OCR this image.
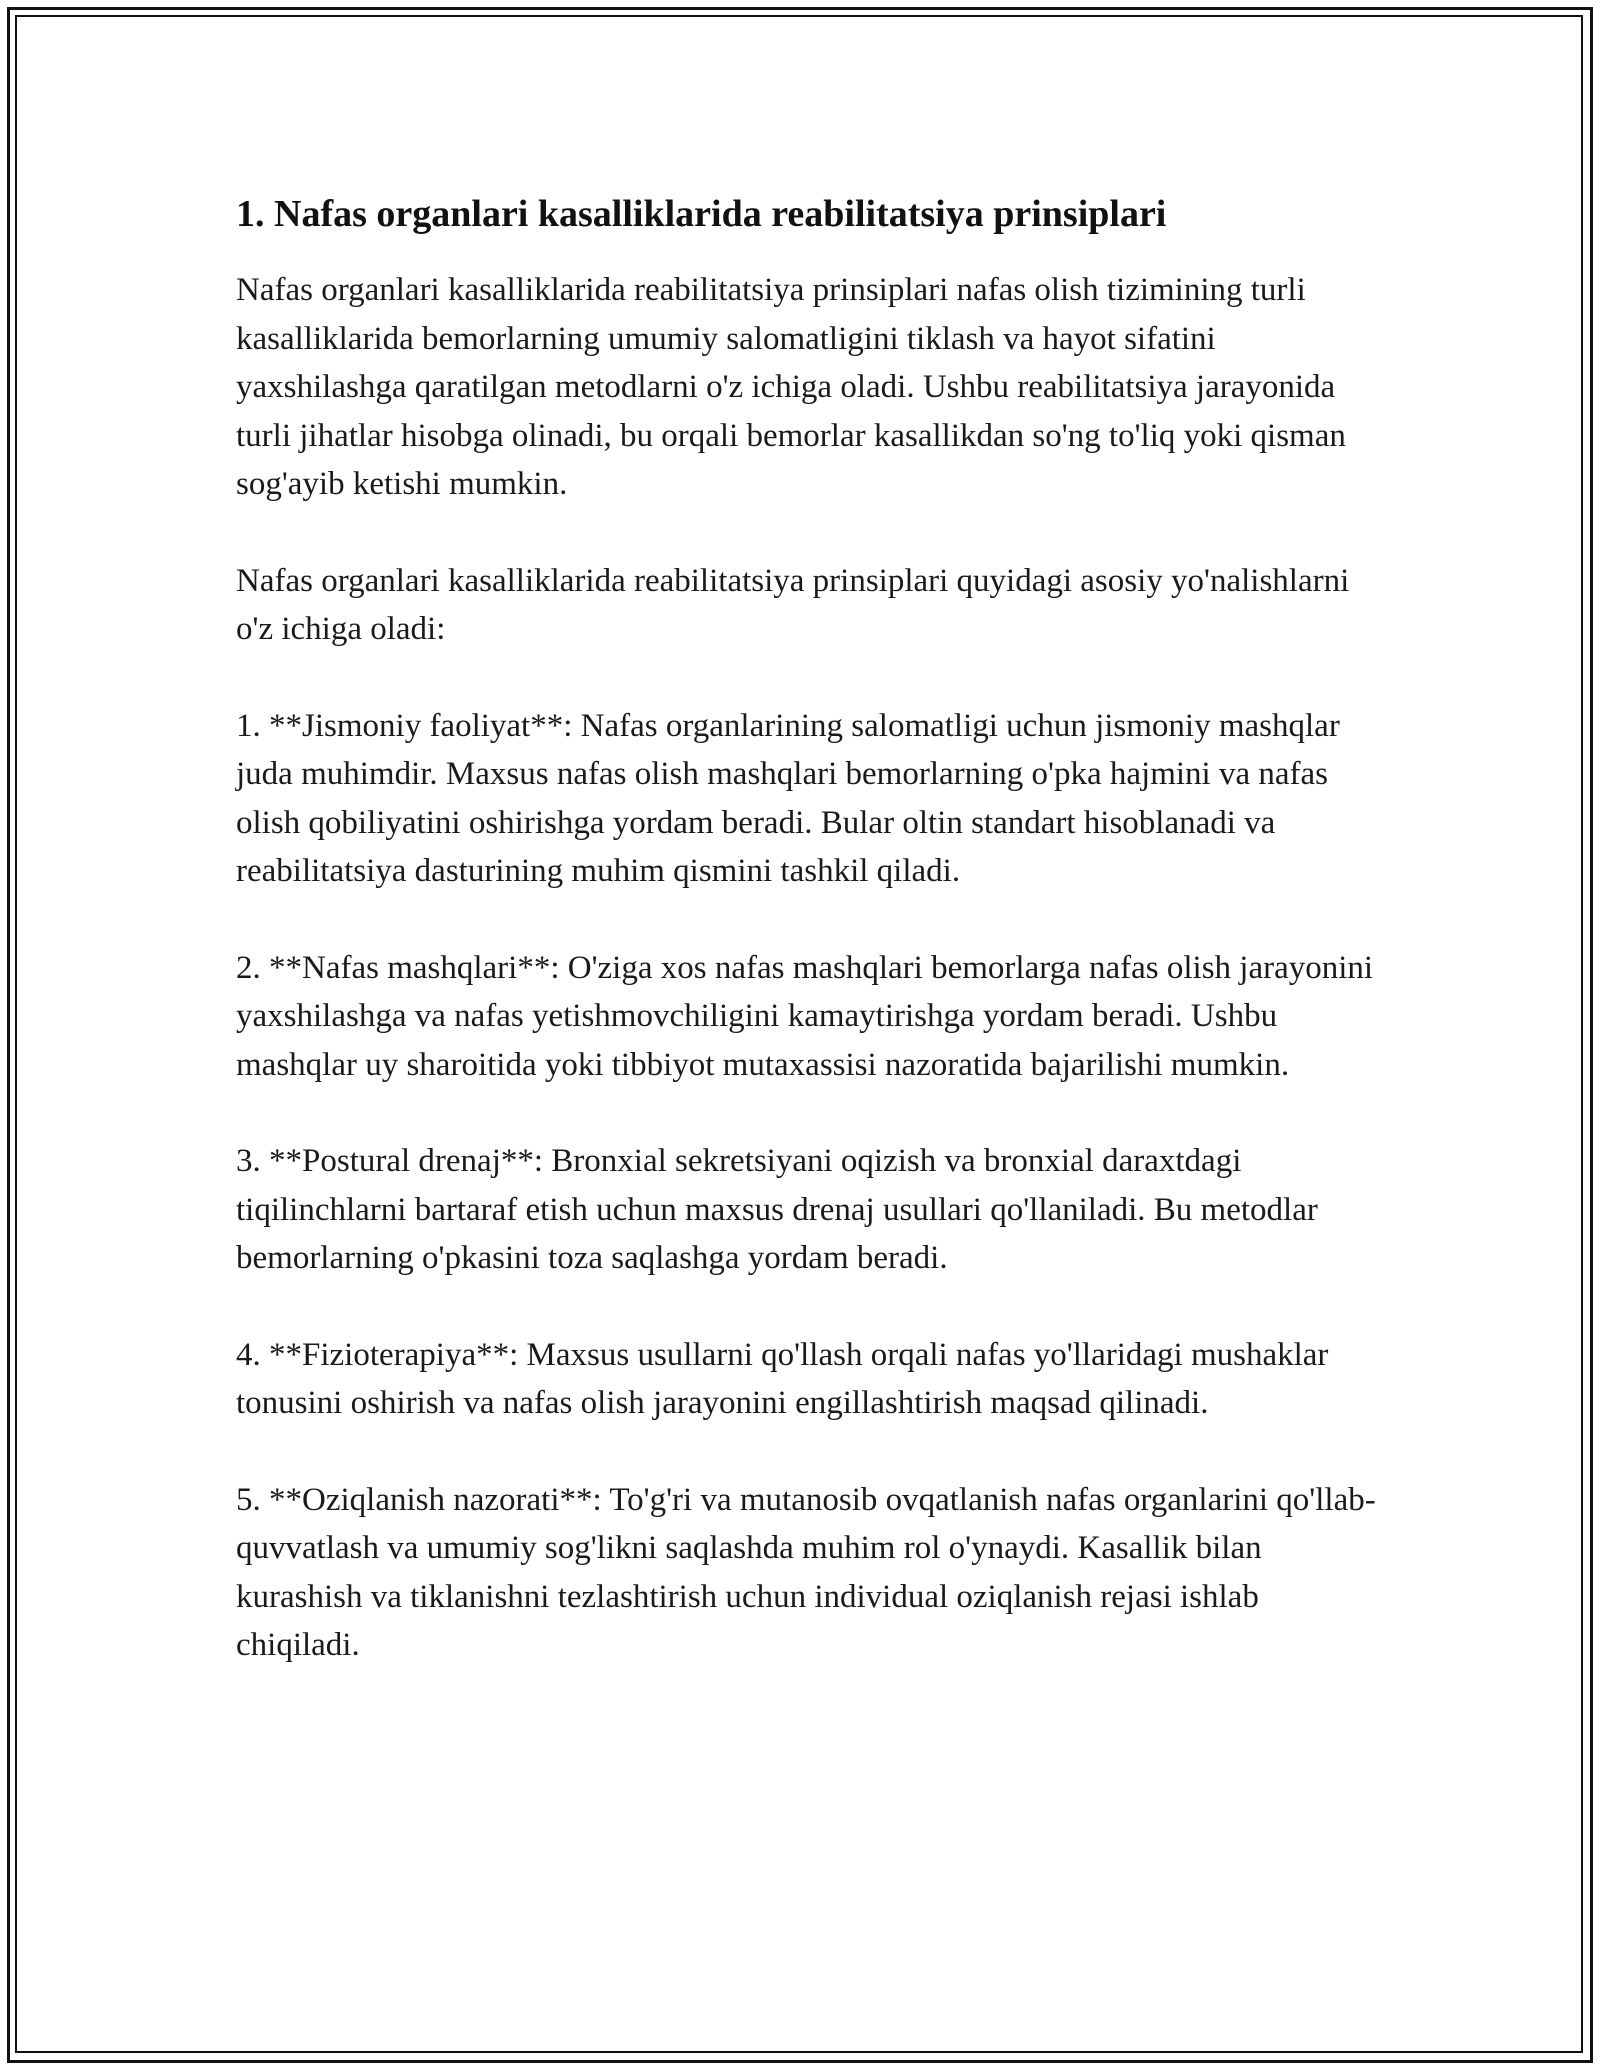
1. Nafas organlari kasalliklarida reabilitatsiya prinsiplari

Nafas organlari kasalliklarida reabilitatsiya prinsiplari nafas olish tizimining turli kasalliklarida bemorlarning umumiy salomatligini tiklash va hayot sifatini yaxshilashga qaratilgan metodlarni o'z ichiga oladi. Ushbu reabilitatsiya jarayonida turli jihatlar hisobga olinadi, bu orqali bemorlar kasallikdan so'ng to'liq yoki qisman sog'ayib ketishi mumkin.

Nafas organlari kasalliklarida reabilitatsiya prinsiplari quyidagi asosiy yo'nalishlarni o'z ichiga oladi:

1. **Jismoniy faoliyat**: Nafas organlarining salomatligi uchun jismoniy mashqlar juda muhimdir. Maxsus nafas olish mashqlari bemorlarning o'pka hajmini va nafas olish qobiliyatini oshirishga yordam beradi. Bular oltin standart hisoblanadi va reabilitatsiya dasturining muhim qismini tashkil qiladi.

2. **Nafas mashqlari**: O'ziga xos nafas mashqlari bemorlarga nafas olish jarayonini yaxshilashga va nafas yetishmovchiligini kamaytirishga yordam beradi. Ushbu mashqlar uy sharoitida yoki tibbiyot mutaxassisi nazoratida bajarilishi mumkin.

3. **Postural drenaj**: Bronxial sekretsiyani oqizish va bronxial daraxtdagi tiqilinchlarni bartaraf etish uchun maxsus drenaj usullari qo'llaniladi. Bu metodlar bemorlarning o'pkasini toza saqlashga yordam beradi.

4. **Fizioterapiya**: Maxsus usullarni qo'llash orqali nafas yo'llaridagi mushaklar tonusini oshirish va nafas olish jarayonini engillashtirish maqsad qilinadi.

5. **Oziqlanish nazorati**: To'g'ri va mutanosib ovqatlanish nafas organlarini qo'llab-quvvatlash va umumiy sog'likni saqlashda muhim rol o'ynaydi. Kasallik bilan kurashish va tiklanishni tezlashtirish uchun individual oziqlanish rejasi ishlab chiqiladi.
